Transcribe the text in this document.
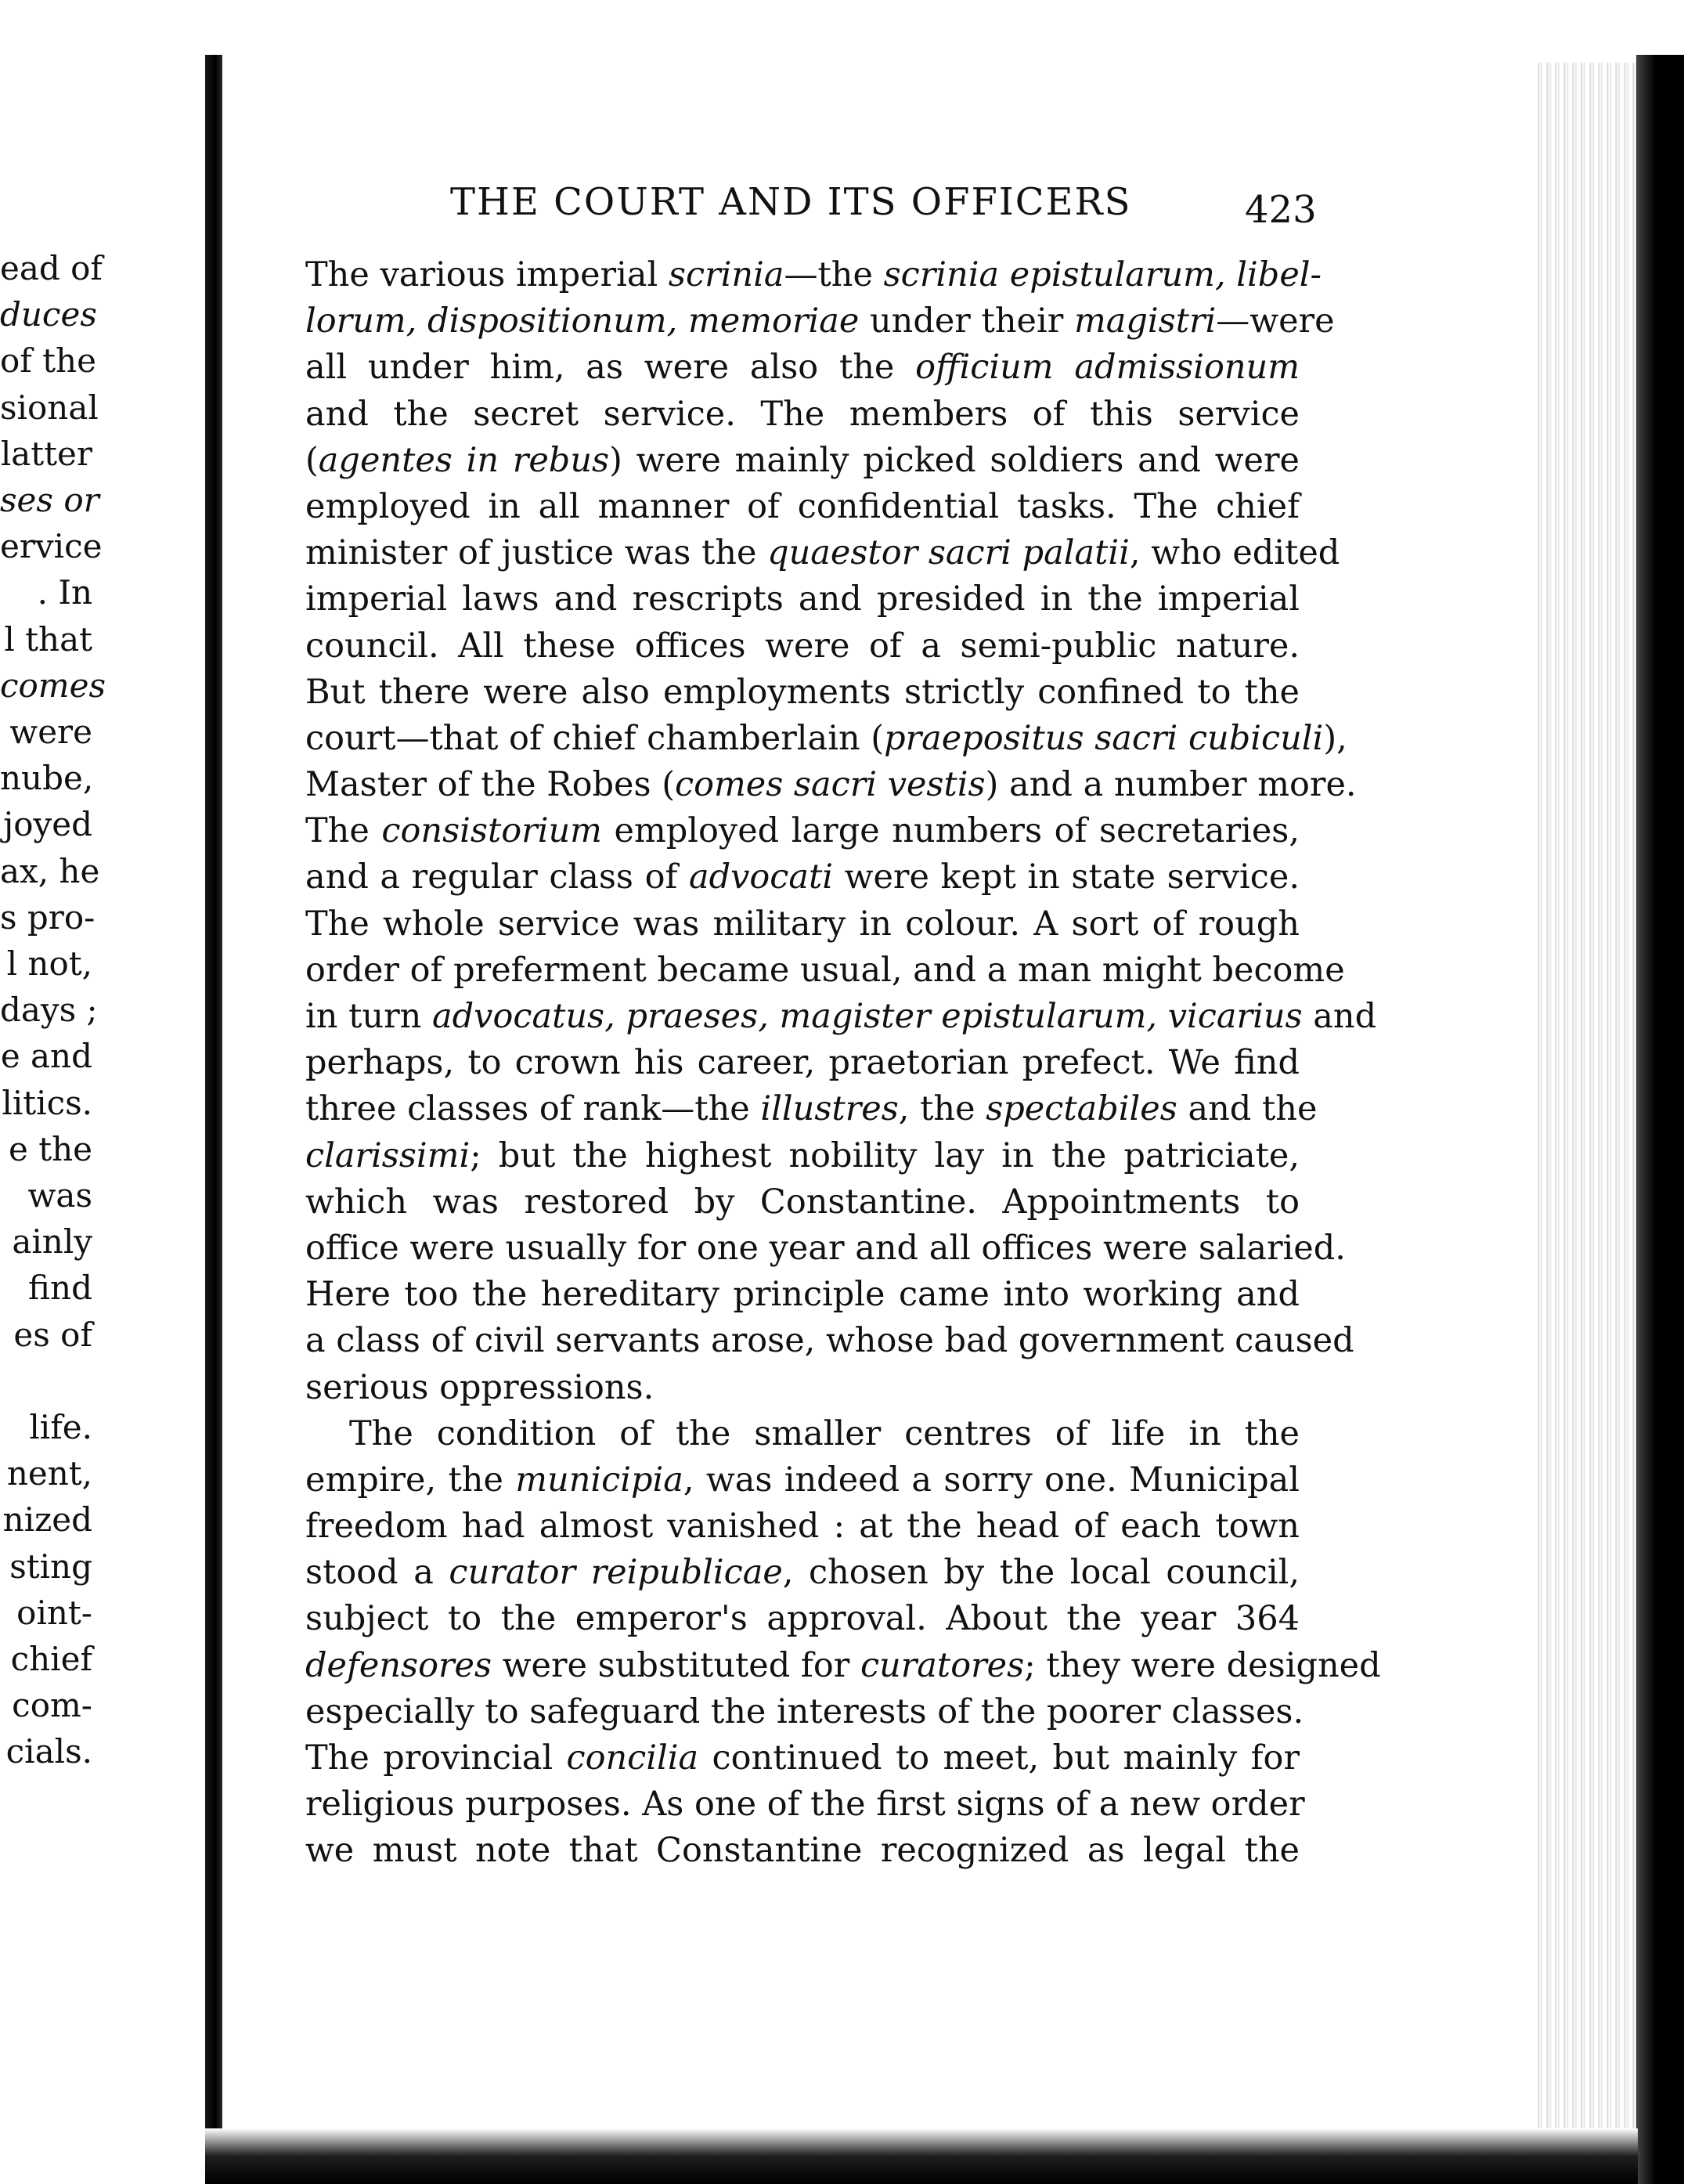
ead of
duces
of the
sional
latter
ses or
ervice
. In
l that
comes
were
nube,
joyed
ax, he
s pro-
l not,
days ;
e and
litics.
e the
was
ainly
find
es of
life.
nent,
nized
sting
oint-
chief
com-
cials.
THE COURT AND ITS OFFICERS	423
The various imperial scrinia—the scrinia epistularum, libel-
lorum, dispositionum, memoriae under their magistri—were
all under him, as were also the officium admissionum
and the secret service. The members of this service
(agentes in rebus) were mainly picked soldiers and were
employed in all manner of confidential tasks. The chief
minister of justice was the quaestor sacri palatii, who edited
imperial laws and rescripts and presided in the imperial
council. All these offices were of a semi-public nature.
But there were also employments strictly confined to the
court—that of chief chamberlain (praepositus sacri cubiculi),
Master of the Robes (comes sacri vestis) and a number more.
The consistorium employed large numbers of secretaries,
and a regular class of advocati were kept in state service.
The whole service was military in colour. A sort of rough
order of preferment became usual, and a man might become
in turn advocatus, praeses, magister epistularum, vicarius and
perhaps, to crown his career, praetorian prefect. We find
three classes of rank—the illustres, the spectabiles and the
clarissimi; but the highest nobility lay in the patriciate,
which was restored by Constantine. Appointments to
office were usually for one year and all offices were salaried.
Here too the hereditary principle came into working and
a class of civil servants arose, whose bad government caused
serious oppressions.
The condition of the smaller centres of life in the
empire, the municipia, was indeed a sorry one. Municipal
freedom had almost vanished : at the head of each town
stood a curator reipublicae, chosen by the local council,
subject to the emperor's approval. About the year 364
defensores were substituted for curatores; they were designed
especially to safeguard the interests of the poorer classes.
The provincial concilia continued to meet, but mainly for
religious purposes. As one of the first signs of a new order
we must note that Constantine recognized as legal the
